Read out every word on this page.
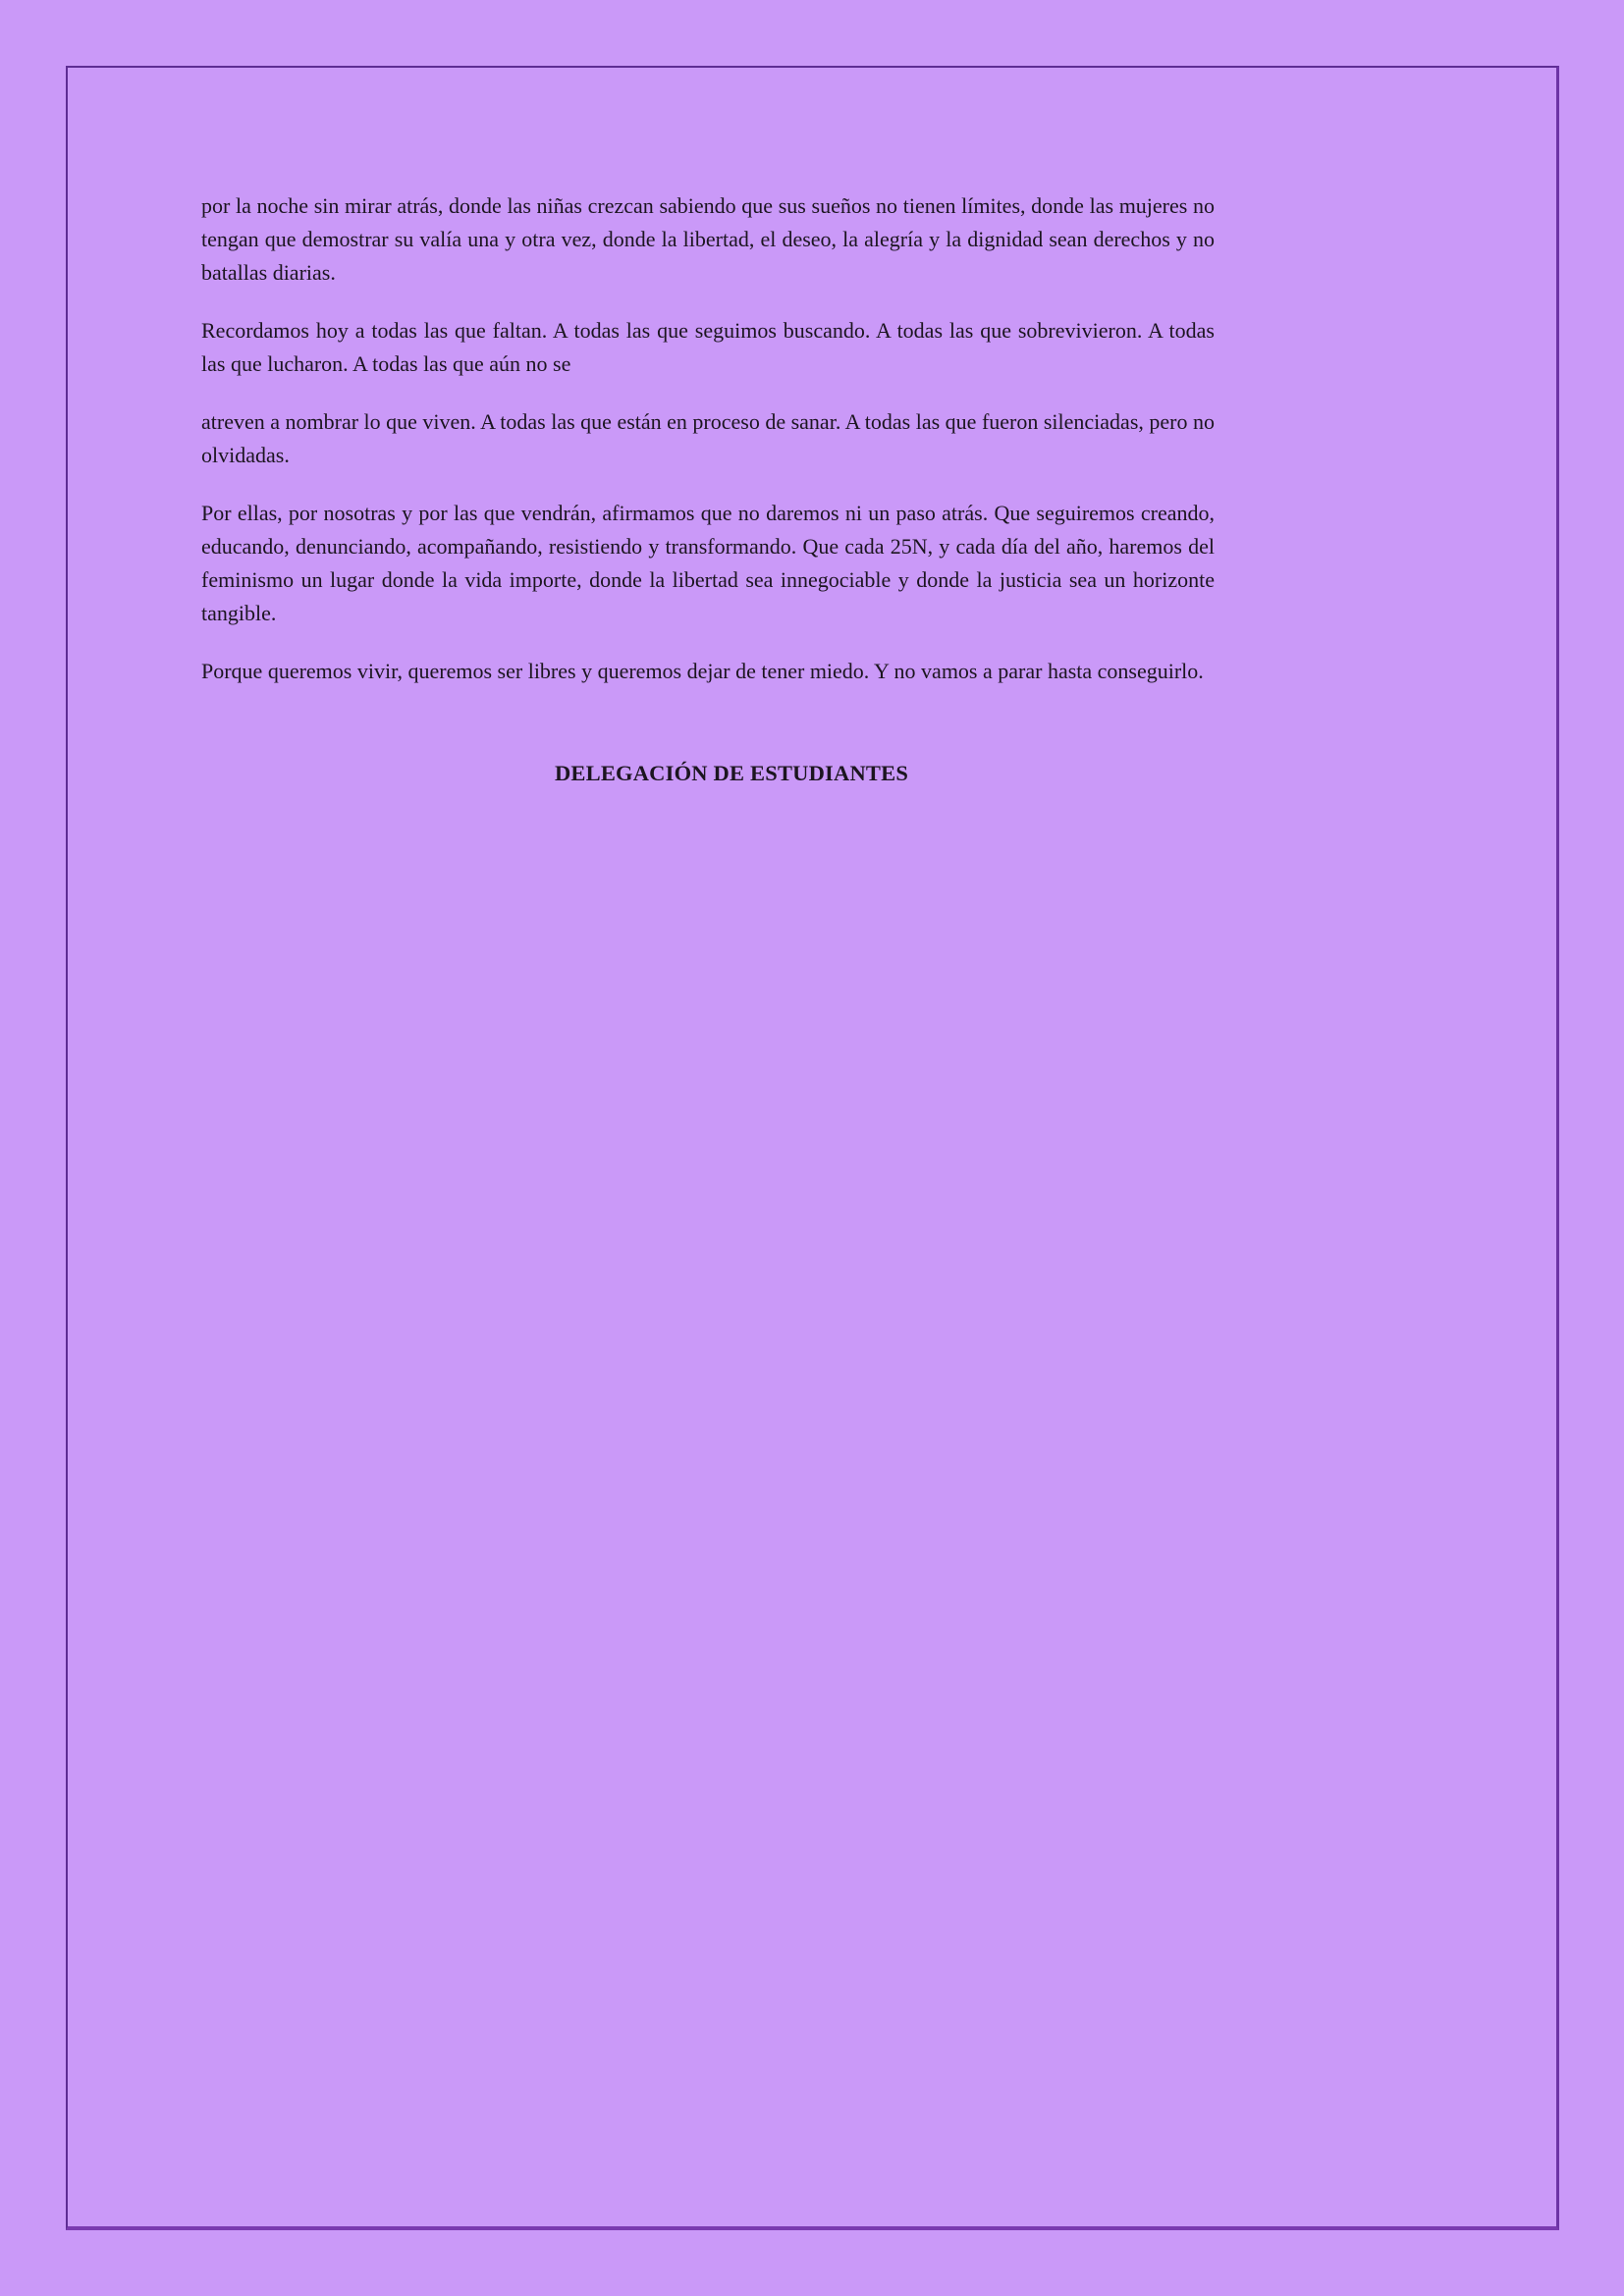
por la noche sin mirar atrás, donde las niñas crezcan sabiendo que sus sueños no tienen límites, donde las mujeres no tengan que demostrar su valía una y otra vez, donde la libertad, el deseo, la alegría y la dignidad sean derechos y no batallas diarias.

Recordamos hoy a todas las que faltan. A todas las que seguimos buscando. A todas las que sobrevivieron. A todas las que lucharon. A todas las que aún no se

atreven a nombrar lo que viven. A todas las que están en proceso de sanar. A todas las que fueron silenciadas, pero no olvidadas.

Por ellas, por nosotras y por las que vendrán, afirmamos que no daremos ni un paso atrás. Que seguiremos creando, educando, denunciando, acompañando, resistiendo y transformando. Que cada 25N, y cada día del año, haremos del feminismo un lugar donde la vida importe, donde la libertad sea innegociable y donde la justicia sea un horizonte tangible.

Porque queremos vivir, queremos ser libres y queremos dejar de tener miedo. Y no vamos a parar hasta conseguirlo.

DELEGACIÓN DE ESTUDIANTES
